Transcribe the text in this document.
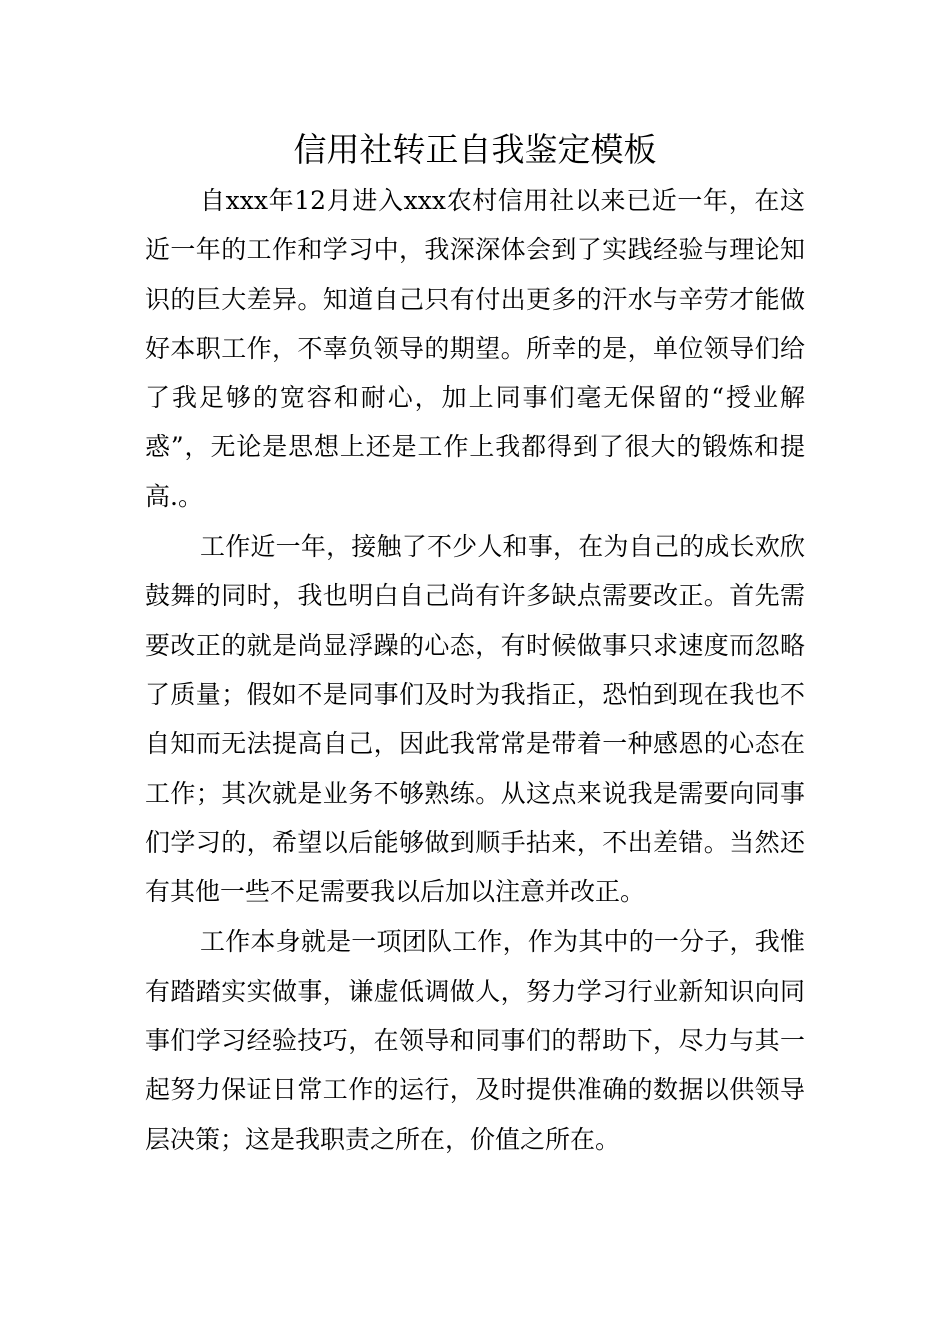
信用社转正自我鉴定模板

自xxx年12月进入xxx农村信用社以来已近一年，在这近一年的工作和学习中，我深深体会到了实践经验与理论知识的巨大差异。知道自己只有付出更多的汗水与辛劳才能做好本职工作，不辜负领导的期望。所幸的是，单位领导们给了我足够的宽容和耐心，加上同事们毫无保留的“授业解惑”，无论是思想上还是工作上我都得到了很大的锻炼和提高.。

工作近一年，接触了不少人和事，在为自己的成长欢欣鼓舞的同时，我也明白自己尚有许多缺点需要改正。首先需要改正的就是尚显浮躁的心态，有时候做事只求速度而忽略了质量；假如不是同事们及时为我指正，恐怕到现在我也不自知而无法提高自己，因此我常常是带着一种感恩的心态在工作；其次就是业务不够熟练。从这点来说我是需要向同事们学习的，希望以后能够做到顺手拈来，不出差错。当然还有其他一些不足需要我以后加以注意并改正。

工作本身就是一项团队工作，作为其中的一分子，我惟有踏踏实实做事，谦虚低调做人，努力学习行业新知识向同事们学习经验技巧，在领导和同事们的帮助下，尽力与其一起努力保证日常工作的运行，及时提供准确的数据以供领导层决策；这是我职责之所在，价值之所在。
